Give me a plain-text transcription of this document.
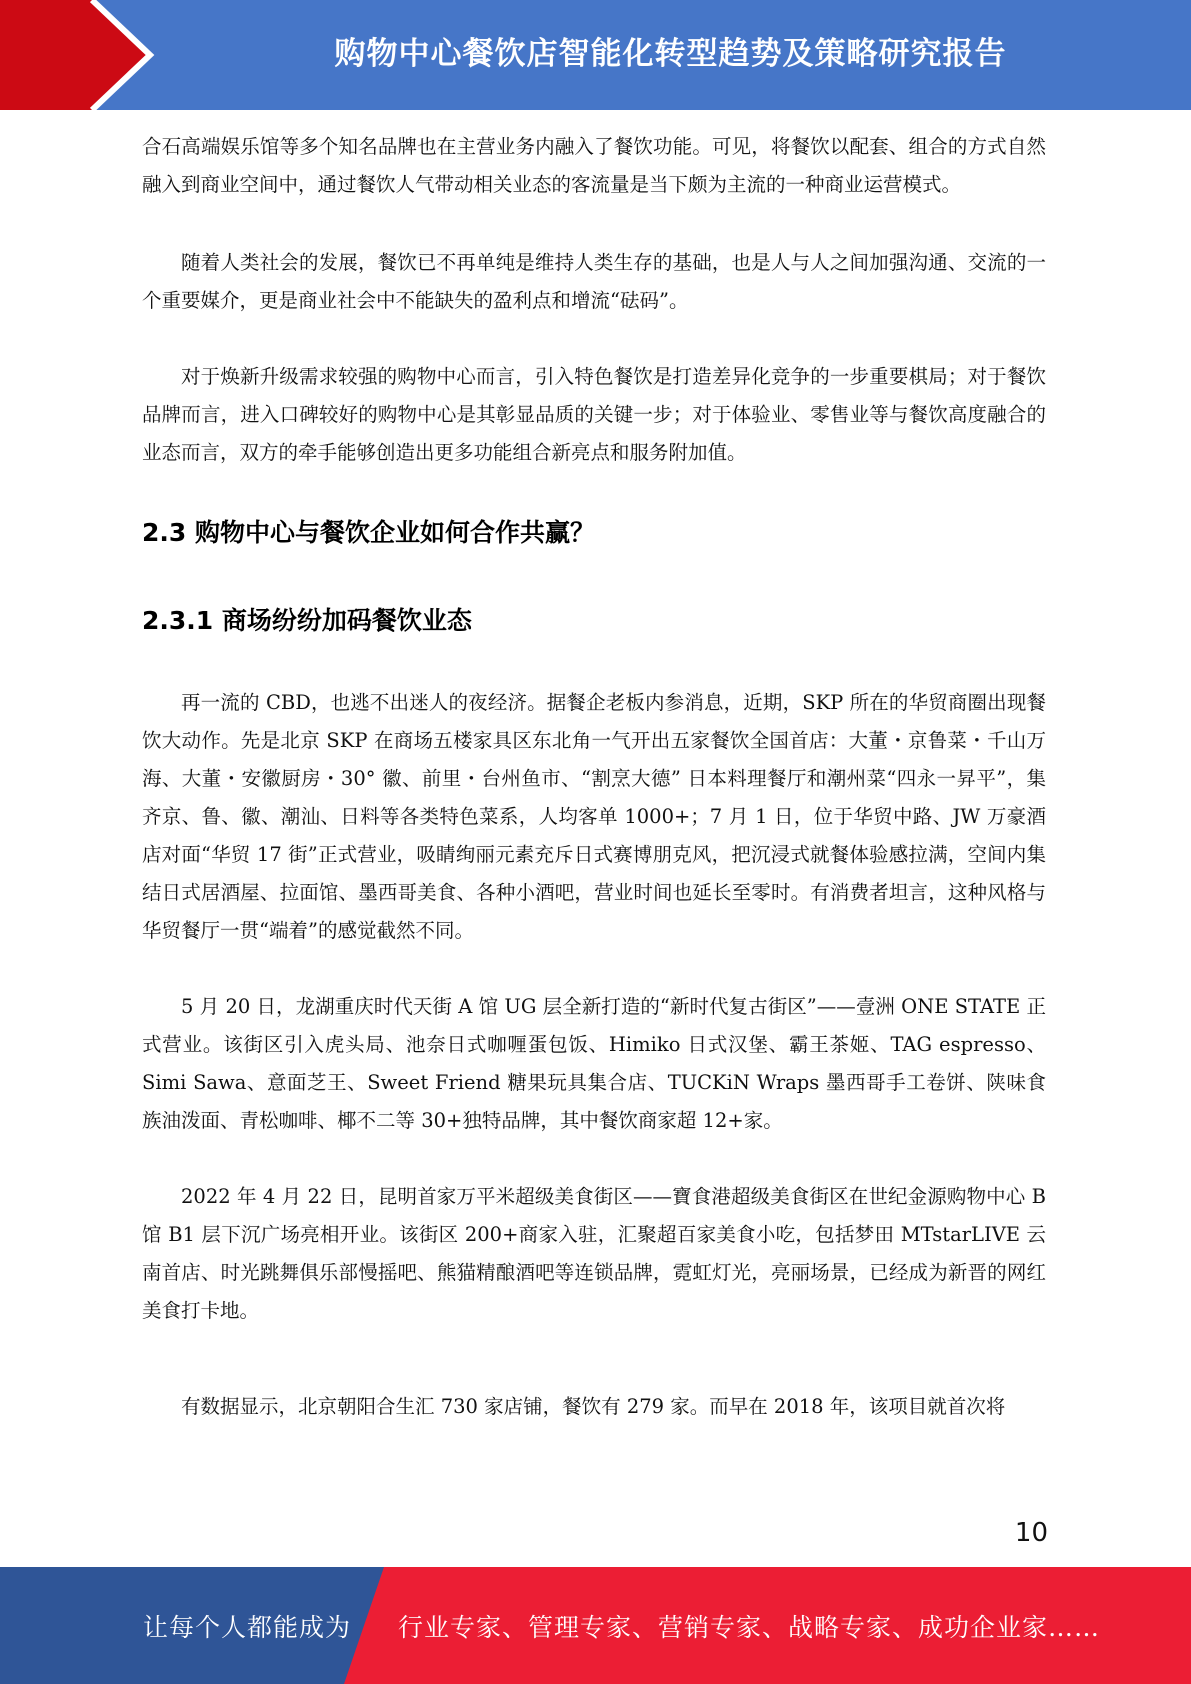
购物中心餐饮店智能化转型趋势及策略研究报告

合石高端娱乐馆等多个知名品牌也在主营业务内融入了餐饮功能。可见，将餐饮以配套、组合的方式自然融入到商业空间中，通过餐饮人气带动相关业态的客流量是当下颇为主流的一种商业运营模式。

随着人类社会的发展，餐饮已不再单纯是维持人类生存的基础，也是人与人之间加强沟通、交流的一个重要媒介，更是商业社会中不能缺失的盈利点和增流“砝码”。

对于焕新升级需求较强的购物中心而言，引入特色餐饮是打造差异化竞争的一步重要棋局；对于餐饮品牌而言，进入口碑较好的购物中心是其彰显品质的关键一步；对于体验业、零售业等与餐饮高度融合的业态而言，双方的牵手能够创造出更多功能组合新亮点和服务附加值。

2.3 购物中心与餐饮企业如何合作共赢？
2.3.1 商场纷纷加码餐饮业态

再一流的 CBD，也逃不出迷人的夜经济。据餐企老板内参消息，近期，SKP 所在的华贸商圈出现餐饮大动作。先是北京 SKP 在商场五楼家具区东北角一气开出五家餐饮全国首店：大董・京鲁菜・千山万海、大董・安徽厨房・30° 徽、前里・台州鱼市、“割烹大德” 日本料理餐厅和潮州菜“四永一昇平”，集齐京、鲁、徽、潮汕、日料等各类特色菜系，人均客单 1000+；7 月 1 日，位于华贸中路、JW 万豪酒店对面“华贸 17 街”正式营业，吸睛绚丽元素充斥日式赛博朋克风，把沉浸式就餐体验感拉满，空间内集结日式居酒屋、拉面馆、墨西哥美食、各种小酒吧，营业时间也延长至零时。有消费者坦言，这种风格与华贸餐厅一贯“端着”的感觉截然不同。

5 月 20 日，龙湖重庆时代天街 A 馆 UG 层全新打造的“新时代复古街区”——壹洲 ONE STATE 正式营业。该街区引入虎头局、池奈日式咖喱蛋包饭、Himiko 日式汉堡、霸王茶姬、TAG espresso、Simi Sawa、意面芝王、Sweet Friend 糖果玩具集合店、TUCKiN Wraps 墨西哥手工卷饼、陕味食族油泼面、青松咖啡、椰不二等 30+独特品牌，其中餐饮商家超 12+家。

2022 年 4 月 22 日，昆明首家万平米超级美食街区——寶食港超级美食街区在世纪金源购物中心 B 馆 B1 层下沉广场亮相开业。该街区 200+商家入驻，汇聚超百家美食小吃，包括梦田 MTstarLIVE 云南首店、时光跳舞俱乐部慢摇吧、熊猫精酿酒吧等连锁品牌，霓虹灯光，亮丽场景，已经成为新晋的网红美食打卡地。

有数据显示，北京朝阳合生汇 730 家店铺，餐饮有 279 家。而早在 2018 年，该项目就首次将

10
让每个人都能成为 行业专家、管理专家、营销专家、战略专家、成功企业家……
